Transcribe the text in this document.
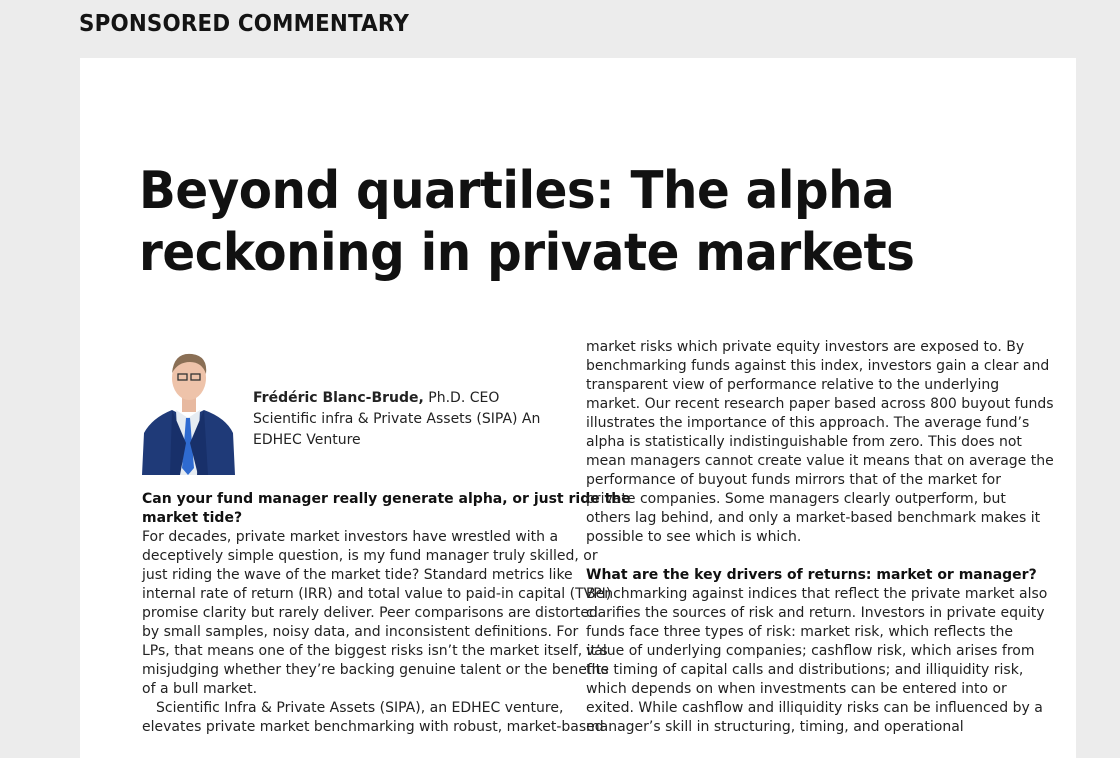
SPONSORED COMMENTARY
Beyond quartiles: The alpha
reckoning in private markets
Frédéric Blanc-Brude, Ph.D. CEO
Scientific infra & Private Assets (SIPA) An
EDHEC Venture
Can your fund manager really generate alpha, or just ride the
market tide?
For decades, private market investors have wrestled with a
deceptively simple question, is my fund manager truly skilled, or
just riding the wave of the market tide? Standard metrics like
internal rate of return (IRR) and total value to paid-in capital (TVPI)
promise clarity but rarely deliver. Peer comparisons are distorted
by small samples, noisy data, and inconsistent definitions. For
LPs, that means one of the biggest risks isn’t the market itself, it’s
misjudging whether they’re backing genuine talent or the benefits
of a bull market.
Scientific Infra & Private Assets (SIPA), an EDHEC venture,
elevates private market benchmarking with robust, market-based
market risks which private equity investors are exposed to. By
benchmarking funds against this index, investors gain a clear and
transparent view of performance relative to the underlying
market. Our recent research paper based across 800 buyout funds
illustrates the importance of this approach. The average fund’s
alpha is statistically indistinguishable from zero. This does not
mean managers cannot create value it means that on average the
performance of buyout funds mirrors that of the market for
private companies. Some managers clearly outperform, but
others lag behind, and only a market-based benchmark makes it
possible to see which is which.
What are the key drivers of returns: market or manager?
Benchmarking against indices that reflect the private market also
clarifies the sources of risk and return. Investors in private equity
funds face three types of risk: market risk, which reflects the
value of underlying companies; cashflow risk, which arises from
the timing of capital calls and distributions; and illiquidity risk,
which depends on when investments can be entered into or
exited. While cashflow and illiquidity risks can be influenced by a
manager’s skill in structuring, timing, and operational
